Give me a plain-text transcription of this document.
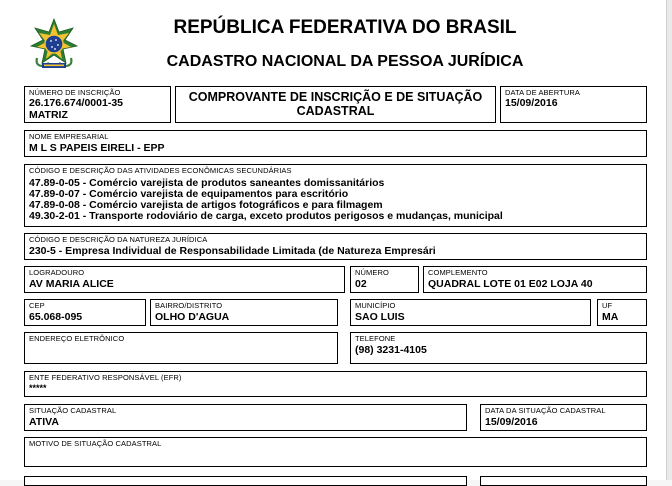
REPÚBLICA FEDERATIVA DO BRASIL
CADASTRO NACIONAL DA PESSOA JURÍDICA
NÚMERO DE INSCRIÇÃO
26.176.674/0001-35
MATRIZ
COMPROVANTE DE INSCRIÇÃO E DE SITUAÇÃO
CADASTRAL
DATA DE ABERTURA
15/09/2016
NOME EMPRESARIAL
M L S PAPEIS EIRELI - EPP
CÓDIGO E DESCRIÇÃO DAS ATIVIDADES ECONÔMICAS SECUNDÁRIAS
47.89-0-05 - Comércio varejista de produtos saneantes domissanitários
47.89-0-07 - Comércio varejista de equipamentos para escritório
47.89-0-08 - Comércio varejista de artigos fotográficos e para filmagem
49.30-2-01 - Transporte rodoviário de carga, exceto produtos perigosos e mudanças, municipal
CÓDIGO E DESCRIÇÃO DA NATUREZA JURÍDICA
230-5 - Empresa Individual de Responsabilidade Limitada (de Natureza Empresári
LOGRADOURO
AV MARIA ALICE
NÚMERO
02
COMPLEMENTO
QUADRAL LOTE 01 E02 LOJA 40
CEP
65.068-095
BAIRRO/DISTRITO
OLHO D'AGUA
MUNICÍPIO
SAO LUIS
UF
MA
ENDEREÇO ELETRÔNICO	TELEFONE
(98) 3231-4105
ENTE FEDERATIVO RESPONSÁVEL (EFR)
*****
SITUAÇÃO CADASTRAL
ATIVA
DATA DA SITUAÇÃO CADASTRAL
15/09/2016
MOTIVO DE SITUAÇÃO CADASTRAL
